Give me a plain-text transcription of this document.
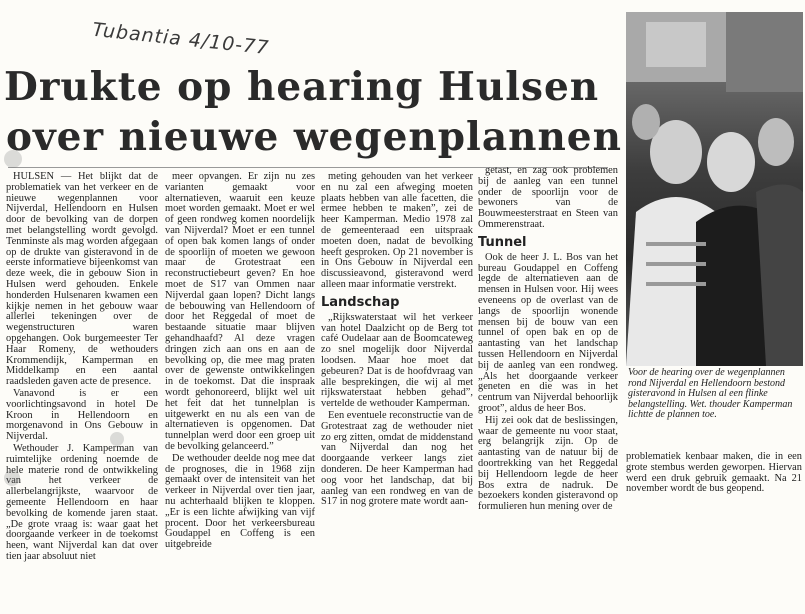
Tubantia 4/10-77
Drukte op hearing Hulsen
over nieuwe wegenplannen

HULSEN — Het blijkt dat de problematiek van het verkeer en de nieuwe wegenplannen voor Nijverdal, Hellendoorn en Hulsen door de bevolking van de dorpen met belangstelling wordt gevolgd. Tenminste als mag worden afgegaan op de drukte van gisteravond in de eerste informatieve bijeenkomst van deze week, die in gebouw Sion in Hulsen werd gehouden. Enkele honderden Hulsenaren kwamen een kijkje nemen in het gebouw waar allerlei tekeningen over de wegenstructuren waren opgehangen. Ook burgemeester Ter Haar Romeny, de wethouders Krommendijk, Kamperman en Middelkamp en een aantal raadsleden gaven acte de presence.

Vanavond is er een voorlichtingsavond in hotel De Kroon in Hellendoorn en morgenavond in Ons Gebouw in Nijverdal.

Wethouder J. Kamperman van ruimtelijke ordening noemde de hele materie rond de ontwikkeling van het verkeer de allerbelangrijkste, waarvoor de gemeente Hellendoorn en haar bevolking de komende jaren staat. „De grote vraag is: waar gaat het doorgaande verkeer in de toekomst heen, want Nijverdal kan dat over tien jaar absoluut niet

meer opvangen. Er zijn nu zes varianten gemaakt voor alternatieven, waaruit een keuze moet worden gemaakt. Moet er wel of geen rondweg komen noordelijk van Nijverdal? Moet er een tunnel of open bak komen langs of onder de spoorlijn of moeten we gewoon maar de Grotestraat een reconstructiebeurt geven? En hoe moet de S17 van Ommen naar Nijverdal gaan lopen? Dicht langs de bebouwing van Hellendoorn of door het Reggedal of moet de bestaande situatie maar blijven gehandhaafd? Al deze vragen dringen zich aan ons en aan de bevolking op, die mee mag praten over de gewenste ontwikkelingen in de toekomst. Dat die inspraak wordt gehonoreerd, blijkt wel uit het feit dat het tunnelplan is uitgewerkt en nu als een van de alternatieven is opgenomen. Dat tunnelplan werd door een groep uit de bevolking gelanceerd.”

De wethouder deelde nog mee dat de prognoses, die in 1968 zijn gemaakt over de intensiteit van het verkeer in Nijverdal over tien jaar, nu achterhaald blijken te kloppen. „Er is een lichte afwijking van vijf procent. Door het verkeersbureau Goudappel en Coffeng is een uitgebreide

meting gehouden van het verkeer en nu zal een afweging moeten plaats hebben van alle facetten, die ermee hebben te maken”, zei de heer Kamperman. Medio 1978 zal de gemeenteraad een uitspraak moeten doen, nadat de bevolking heeft gesproken. Op 21 november is in Ons Gebouw in Nijverdal een discussieavond, gisteravond werd alleen maar informatie verstrekt.

Landschap

„Rijkswaterstaat wil het verkeer van hotel Daalzicht op de Berg tot café Oudelaar aan de Boomcateweg zo snel mogelijk door Nijverdal loodsen. Maar hoe moet dat gebeuren? Dat is de hoofdvraag van alle besprekingen, die wij al met rijkswaterstaat hebben gehad”, vertelde de wethouder Kamperman.

Een eventuele reconstructie van de Grotestraat zag de wethouder niet zo erg zitten, omdat de middenstand van Nijverdal dan nog het doorgaande verkeer langs ziet donderen. De heer Kamperman had oog voor het landschap, dat bij aanleg van een rondweg en van de S17 in nog grotere mate wordt aan-

getast, en zag ook problemen bij de aanleg van een tunnel onder de spoorlijn voor de bewoners van de Bouwmeesterstraat en Steen van Ommerenstraat.

Tunnel

Ook de heer J. L. Bos van het bureau Goudappel en Coffeng legde de alternatieven aan de mensen in Hulsen voor. Hij wees eveneens op de overlast van de langs de spoorlijn wonende mensen bij de bouw van een tunnel of open bak en op de aantasting van het landschap tussen Hellendoorn en Nijverdal bij de aanleg van een rondweg. „Als het doorgaande verkeer geneten en die was in het centrum van Nijverdal behoorlijk groot”, aldus de heer Bos.

Hij zei ook dat de beslissingen, waar de gemeente nu voor staat, erg belangrijk zijn. Op de aantasting van de natuur bij de doortrekking van het Reggedal bij Hellendoorn legde de heer Bos extra de nadruk. De bezoekers konden gisteravond op formulieren hun mening over de

Voor de hearing over de wegenplannen rond Nijverdal en Hellendoorn bestond gisteravond in Hulsen al een flinke belangstelling. Wet. thouder Kamperman lichtte de plannen toe.

problematiek kenbaar maken, die in een grote stembus werden geworpen. Hiervan werd een druk gebruik gemaakt. Na 21 november wordt de bus geopend.
